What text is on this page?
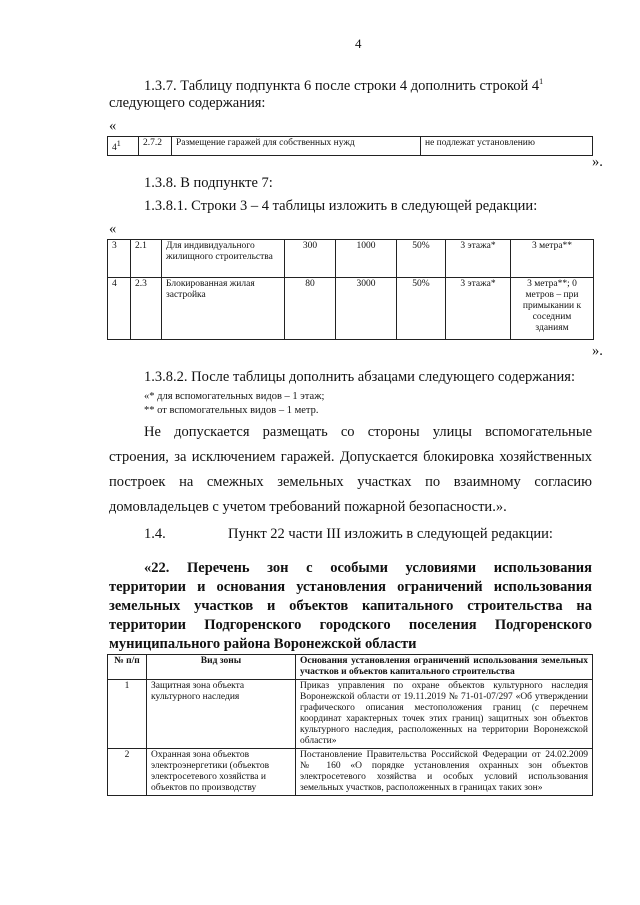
4
1.3.7. Таблицу подпункта 6 после строки 4 дополнить строкой $4^1$
следующего содержания:
«
$4^1$	2.7.2	Размещение гаражей для собственных нужд	не подлежат установлению
».
1.3.8. В подпункте 7:
1.3.8.1. Строки 3 – 4 таблицы изложить в следующей редакции:
«
3	2.1	Для индивидуального жилищного строительства	300	1000	50%	3 этажа*	3 метра**
4	2.3	Блокированная жилая застройка	80	3000	50%	3 этажа*	3 метра**; 0 метров – при примыкании к соседним зданиям
».
1.3.8.2. После таблицы дополнить абзацами следующего содержания:
«* для вспомогательных видов – 1 этаж;
** от вспомогательных видов – 1 метр.
Не допускается размещать со стороны улицы вспомогательные
строения, за исключением гаражей. Допускается блокировка хозяйственных
построек на смежных земельных участках по взаимному согласию
домовладельцев с учетом требований пожарной безопасности.».
1.4.	Пункт 22 части III изложить в следующей редакции:
«22. Перечень зон с особыми условиями использования
территории и основания установления ограничений использования
земельных участков и объектов капитального строительства на
территории Подгоренского городского поселения Подгоренского
муниципального района Воронежской области
№ п/п	Вид зоны	Основания установления ограничений использования земельных участков и объектов капитального строительства
1	Защитная зона объекта культурного наследия	Приказ управления по охране объектов культурного наследия Воронежской области от 19.11.2019 № 71-01-07/297 «Об утверждении графического описания местоположения границ (с перечнем координат характерных точек этих границ) защитных зон объектов культурного наследия, расположенных на территории Воронежской области»
2	Охранная зона объектов электроэнергетики (объектов электросетевого хозяйства и объектов по производству	Постановление Правительства Российской Федерации от 24.02.2009 № 160 «О порядке установления охранных зон объектов электросетевого хозяйства и особых условий использования земельных участков, расположенных в границах таких зон»
